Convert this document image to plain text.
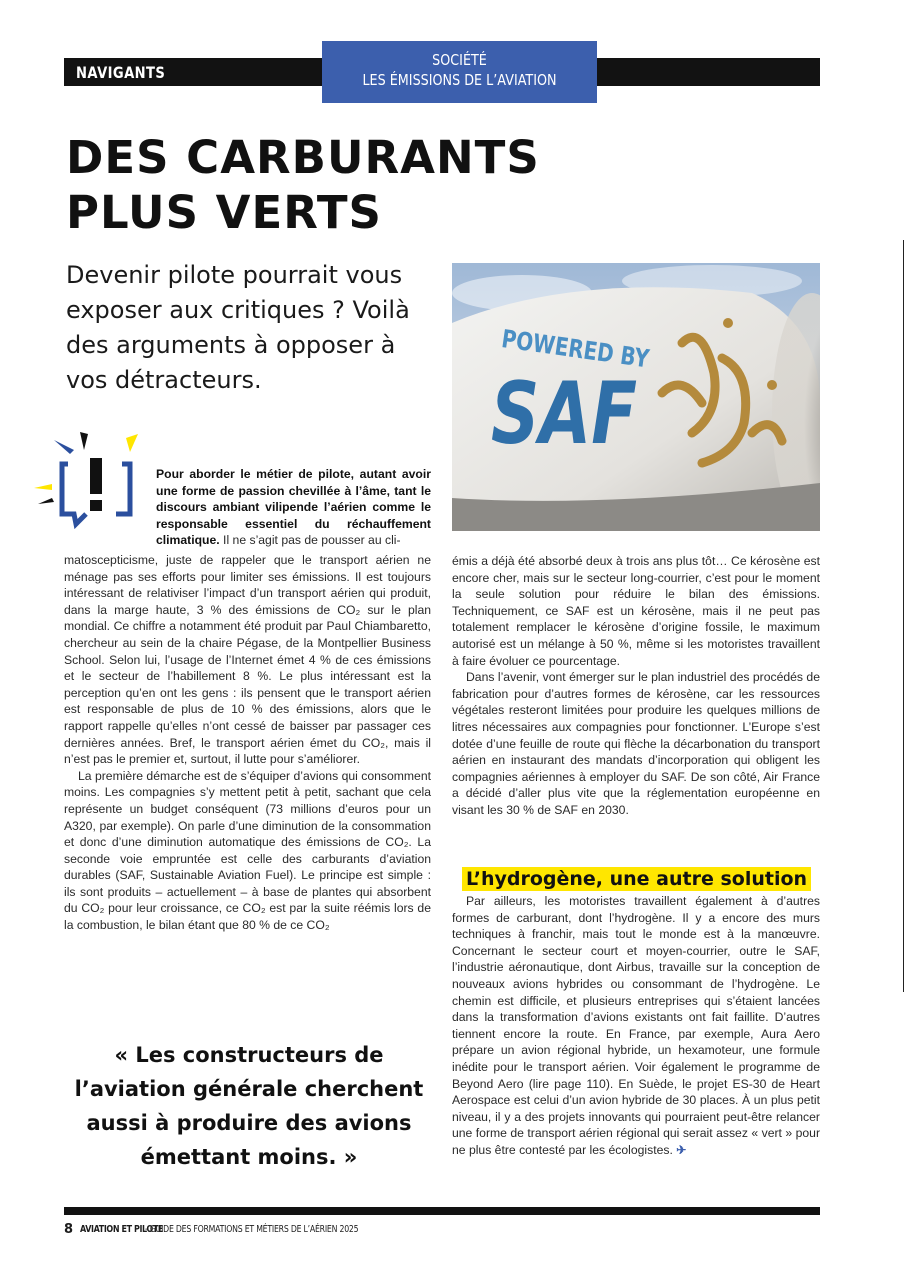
NAVIGANTS
SOCIÉTÉ
LES ÉMISSIONS DE L’AVIATION
DES CARBURANTS
PLUS VERTS

Devenir pilote pourrait vous exposer aux critiques ? Voilà des arguments à opposer à vos détracteurs.

Pour aborder le métier de pilote, autant avoir une forme de passion chevillée à l’âme, tant le discours ambiant vilipende l’aérien comme le responsable essentiel du réchauffement climatique. Il ne s’agit pas de pousser au cli-

matoscepticisme, juste de rappeler que le transport aérien ne ménage pas ses efforts pour limiter ses émissions. Il est toujours intéressant de relativiser l’impact d’un transport aérien qui produit, dans la marge haute, 3 % des émissions de CO₂ sur le plan mondial. Ce chiffre a notamment été produit par Paul Chiambaretto, chercheur au sein de la chaire Pégase, de la Montpellier Business School. Selon lui, l’usage de l’Internet émet 4 % de ces émissions et le secteur de l’habillement 8 %. Le plus intéressant est la perception qu’en ont les gens : ils pensent que le transport aérien est responsable de plus de 10 % des émissions, alors que le rapport rappelle qu’elles n’ont cessé de baisser par passager ces dernières années. Bref, le transport aérien émet du CO₂, mais il n’est pas le premier et, surtout, il lutte pour s’améliorer.

La première démarche est de s’équiper d’avions qui consomment moins. Les compagnies s’y mettent petit à petit, sachant que cela représente un budget conséquent (73 millions d’euros pour un A320, par exemple). On parle d’une diminution de la consommation et donc d’une diminution automatique des émissions de CO₂. La seconde voie empruntée est celle des carburants d’aviation durables (SAF, Sustainable Aviation Fuel). Le principe est simple : ils sont produits – actuellement – à base de plantes qui absorbent du CO₂ pour leur croissance, ce CO₂ est par la suite réémis lors de la combustion, le bilan étant que 80 % de ce CO₂

« Les constructeurs de l’aviation générale cherchent aussi à produire des avions émettant moins. »

POWERED BY
SAF

émis a déjà été absorbé deux à trois ans plus tôt… Ce kérosène est encore cher, mais sur le secteur long-courrier, c’est pour le moment la seule solution pour réduire le bilan des émissions. Techniquement, ce SAF est un kérosène, mais il ne peut pas totalement remplacer le kérosène d’origine fossile, le maximum autorisé est un mélange à 50 %, même si les motoristes travaillent à faire évoluer ce pourcentage.

Dans l’avenir, vont émerger sur le plan industriel des procédés de fabrication pour d’autres formes de kérosène, car les ressources végétales resteront limitées pour produire les quelques millions de litres nécessaires aux compagnies pour fonctionner. L’Europe s’est dotée d’une feuille de route qui flèche la décarbonation du transport aérien en instaurant des mandats d’incorporation qui obligent les compagnies aériennes à employer du SAF. De son côté, Air France a décidé d’aller plus vite que la réglementation européenne en visant les 30 % de SAF en 2030.

L’hydrogène, une autre solution

Par ailleurs, les motoristes travaillent également à d’autres formes de carburant, dont l’hydrogène. Il y a encore des murs techniques à franchir, mais tout le monde est à la manœuvre. Concernant le secteur court et moyen-courrier, outre le SAF, l’industrie aéronautique, dont Airbus, travaille sur la conception de nouveaux avions hybrides ou consommant de l’hydrogène. Le chemin est difficile, et plusieurs entreprises qui s’étaient lancées dans la transformation d’avions existants ont fait faillite. D’autres tiennent encore la route. En France, par exemple, Aura Aero prépare un avion régional hybride, un hexamoteur, une formule inédite pour le transport aérien. Voir également le programme de Beyond Aero (lire page 110). En Suède, le projet ES-30 de Heart Aerospace est celui d’un avion hybride de 30 places. À un plus petit niveau, il y a des projets innovants qui pourraient peut-être relancer une forme de transport aérien régional qui serait assez « vert » pour ne plus être contesté par les écologistes. ✈

8 AVIATION ET PILOTE
- GUIDE DES FORMATIONS ET MÉTIERS DE L’AÉRIEN 2025
